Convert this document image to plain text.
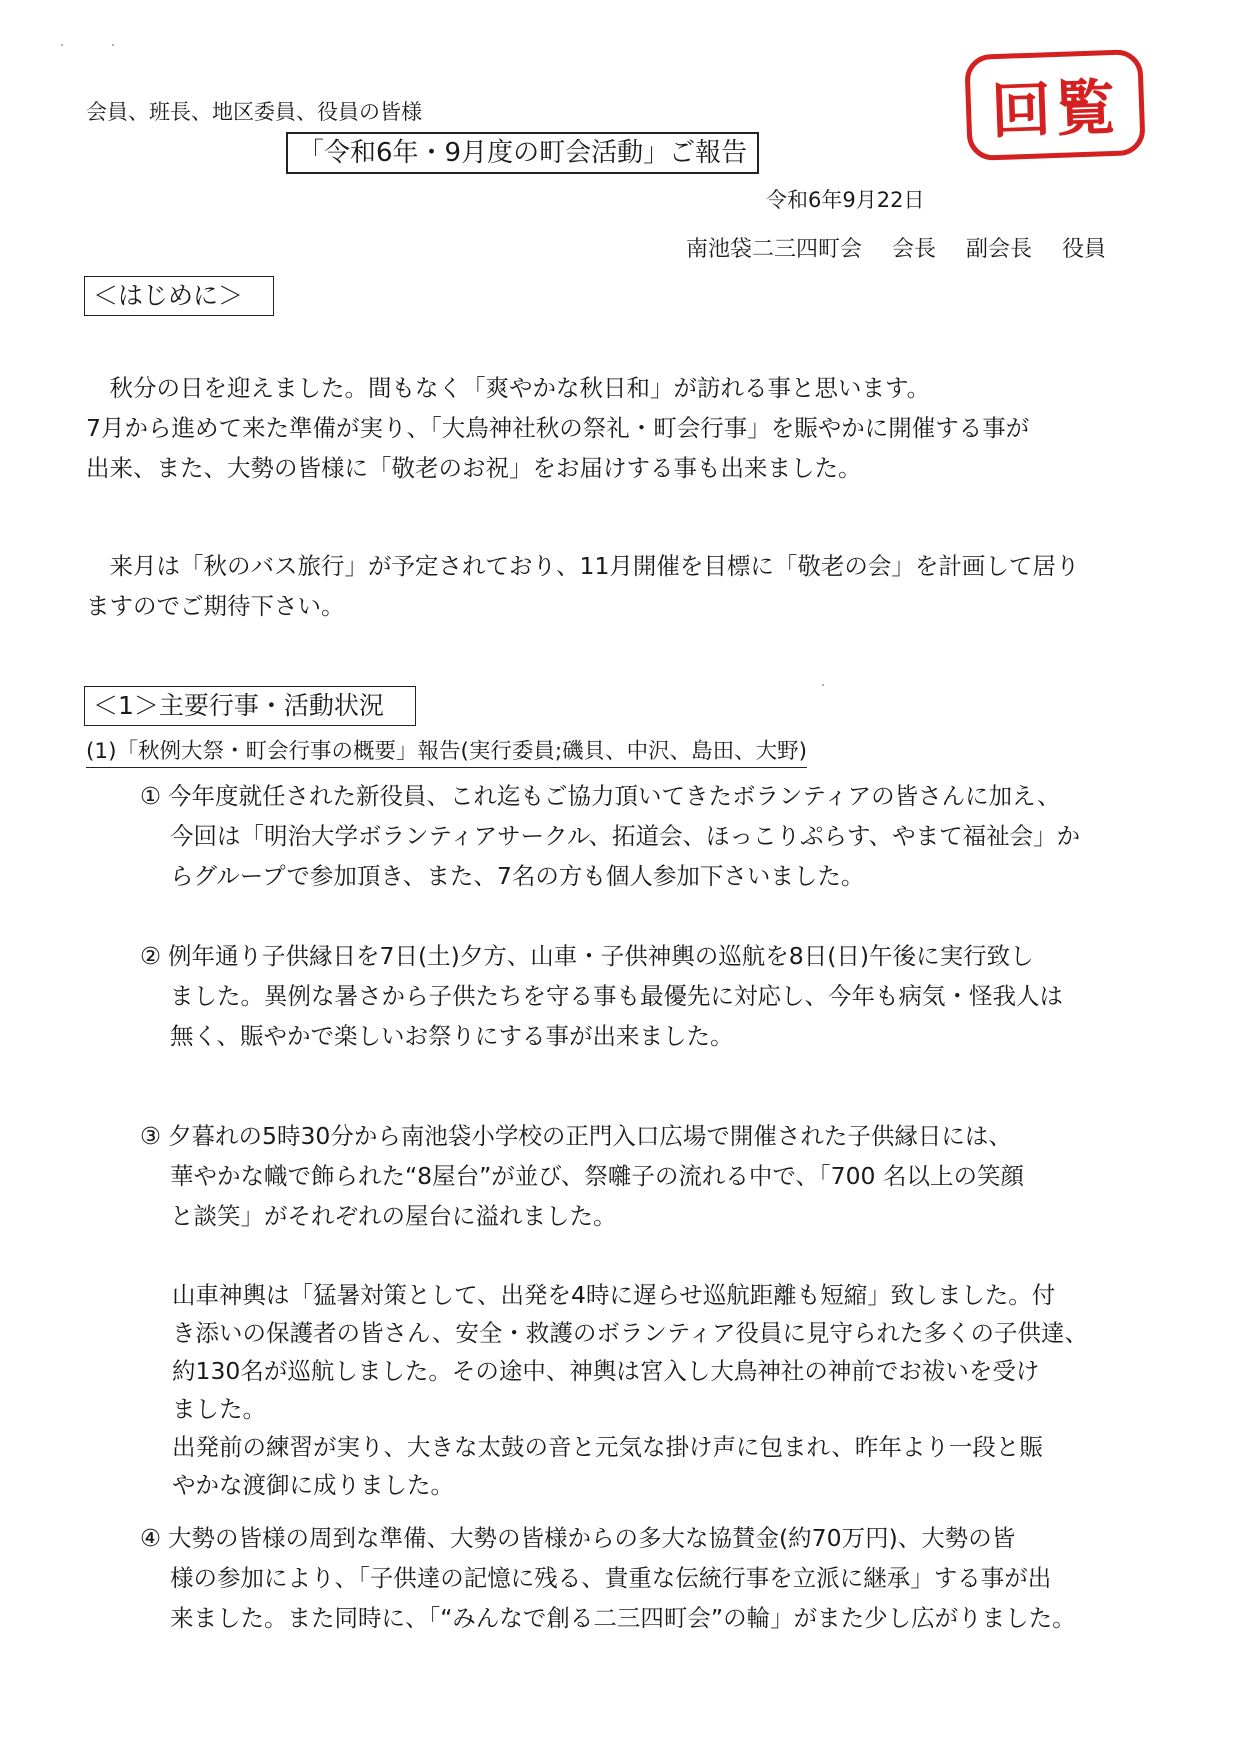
会員、班長、地区委員、役員の皆様
「令和6年・9月度の町会活動」ご報告
令和6年9月22日
南池袋二三四町会 会長 副会長 役員
回覧
＜はじめに＞
　秋分の日を迎えました。間もなく「爽やかな秋日和」が訪れる事と思います。
7月から進めて来た準備が実り、「大鳥神社秋の祭礼・町会行事」を賑やかに開催する事が
出来、また、大勢の皆様に「敬老のお祝」をお届けする事も出来ました。
　来月は「秋のバス旅行」が予定されており、11月開催を目標に「敬老の会」を計画して居り
ますのでご期待下さい。
＜1＞主要行事・活動状況
(1)「秋例大祭・町会行事の概要」報告(実行委員;磯貝、中沢、島田、大野)
① 今年度就任された新役員、これ迄もご協力頂いてきたボランティアの皆さんに加え、
今回は「明治大学ボランティアサークル、拓道会、ほっこりぷらす、やまて福祉会」か
らグループで参加頂き、また、7名の方も個人参加下さいました。
② 例年通り子供縁日を7日(土)夕方、山車・子供神輿の巡航を8日(日)午後に実行致し
ました。異例な暑さから子供たちを守る事も最優先に対応し、今年も病気・怪我人は
無く、賑やかで楽しいお祭りにする事が出来ました。
③ 夕暮れの5時30分から南池袋小学校の正門入口広場で開催された子供縁日には、
華やかな幟で飾られた“8屋台”が並び、祭囃子の流れる中で、「700 名以上の笑顔
と談笑」がそれぞれの屋台に溢れました。
山車神輿は「猛暑対策として、出発を4時に遅らせ巡航距離も短縮」致しました。付
き添いの保護者の皆さん、安全・救護のボランティア役員に見守られた多くの子供達、
約130名が巡航しました。その途中、神輿は宮入し大鳥神社の神前でお祓いを受け
ました。
出発前の練習が実り、大きな太鼓の音と元気な掛け声に包まれ、昨年より一段と賑
やかな渡御に成りました。
④ 大勢の皆様の周到な準備、大勢の皆様からの多大な協賛金(約70万円)、大勢の皆
様の参加により、「子供達の記憶に残る、貴重な伝統行事を立派に継承」する事が出
来ました。また同時に、「“みんなで創る二三四町会”の輪」がまた少し広がりました。
